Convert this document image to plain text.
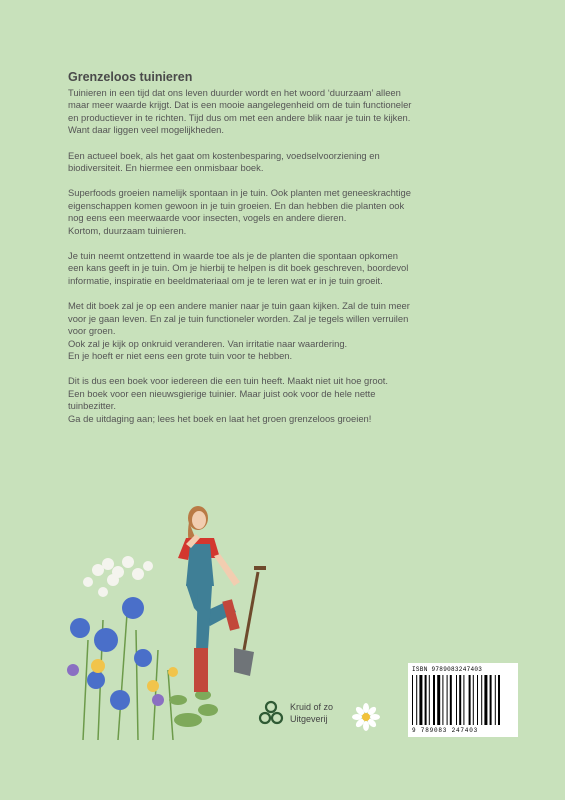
Grenzeloos tuinieren
Tuinieren in een tijd dat ons leven duurder wordt en het woord ‘duurzaam’ alleen
maar meer waarde krijgt. Dat is een mooie aangelegenheid om de tuin functioneler
en productiever in te richten. Tijd dus om met een andere blik naar je tuin te kijken.
Want daar liggen veel mogelijkheden.
Een actueel boek, als het gaat om kostenbesparing, voedselvoorziening en
biodiversiteit. En hiermee een onmisbaar boek.
Superfoods groeien namelijk spontaan in je tuin. Ook planten met geneeskrachtige
eigenschappen komen gewoon in je tuin groeien. En dan hebben die planten ook
nog eens een meerwaarde voor insecten, vogels en andere dieren.
Kortom, duurzaam tuinieren.
Je tuin neemt ontzettend in waarde toe als je de planten die spontaan opkomen
een kans geeft in je tuin. Om je hierbij te helpen is dit boek geschreven, boordevol
informatie, inspiratie en beeldmateriaal om je te leren wat er in je tuin groeit.
Met dit boek zal je op een andere manier naar je tuin gaan kijken. Zal de tuin meer
voor je gaan leven. En zal je tuin functioneler worden. Zal je tegels willen verruilen
voor groen.
Ook zal je kijk op onkruid veranderen. Van irritatie naar waardering.
En je hoeft er niet eens een grote tuin voor te hebben.
Dit is dus een boek voor iedereen die een tuin heeft. Maakt niet uit hoe groot.
Een boek voor een nieuwsgierige tuinier. Maar juist ook voor de hele nette
tuinbezitter.
Ga de uitdaging aan; lees het boek en laat het groen grenzeloos groeien!
Kruid of zo
Uitgeverij
ISBN 9789083247403
9 789083 247403
